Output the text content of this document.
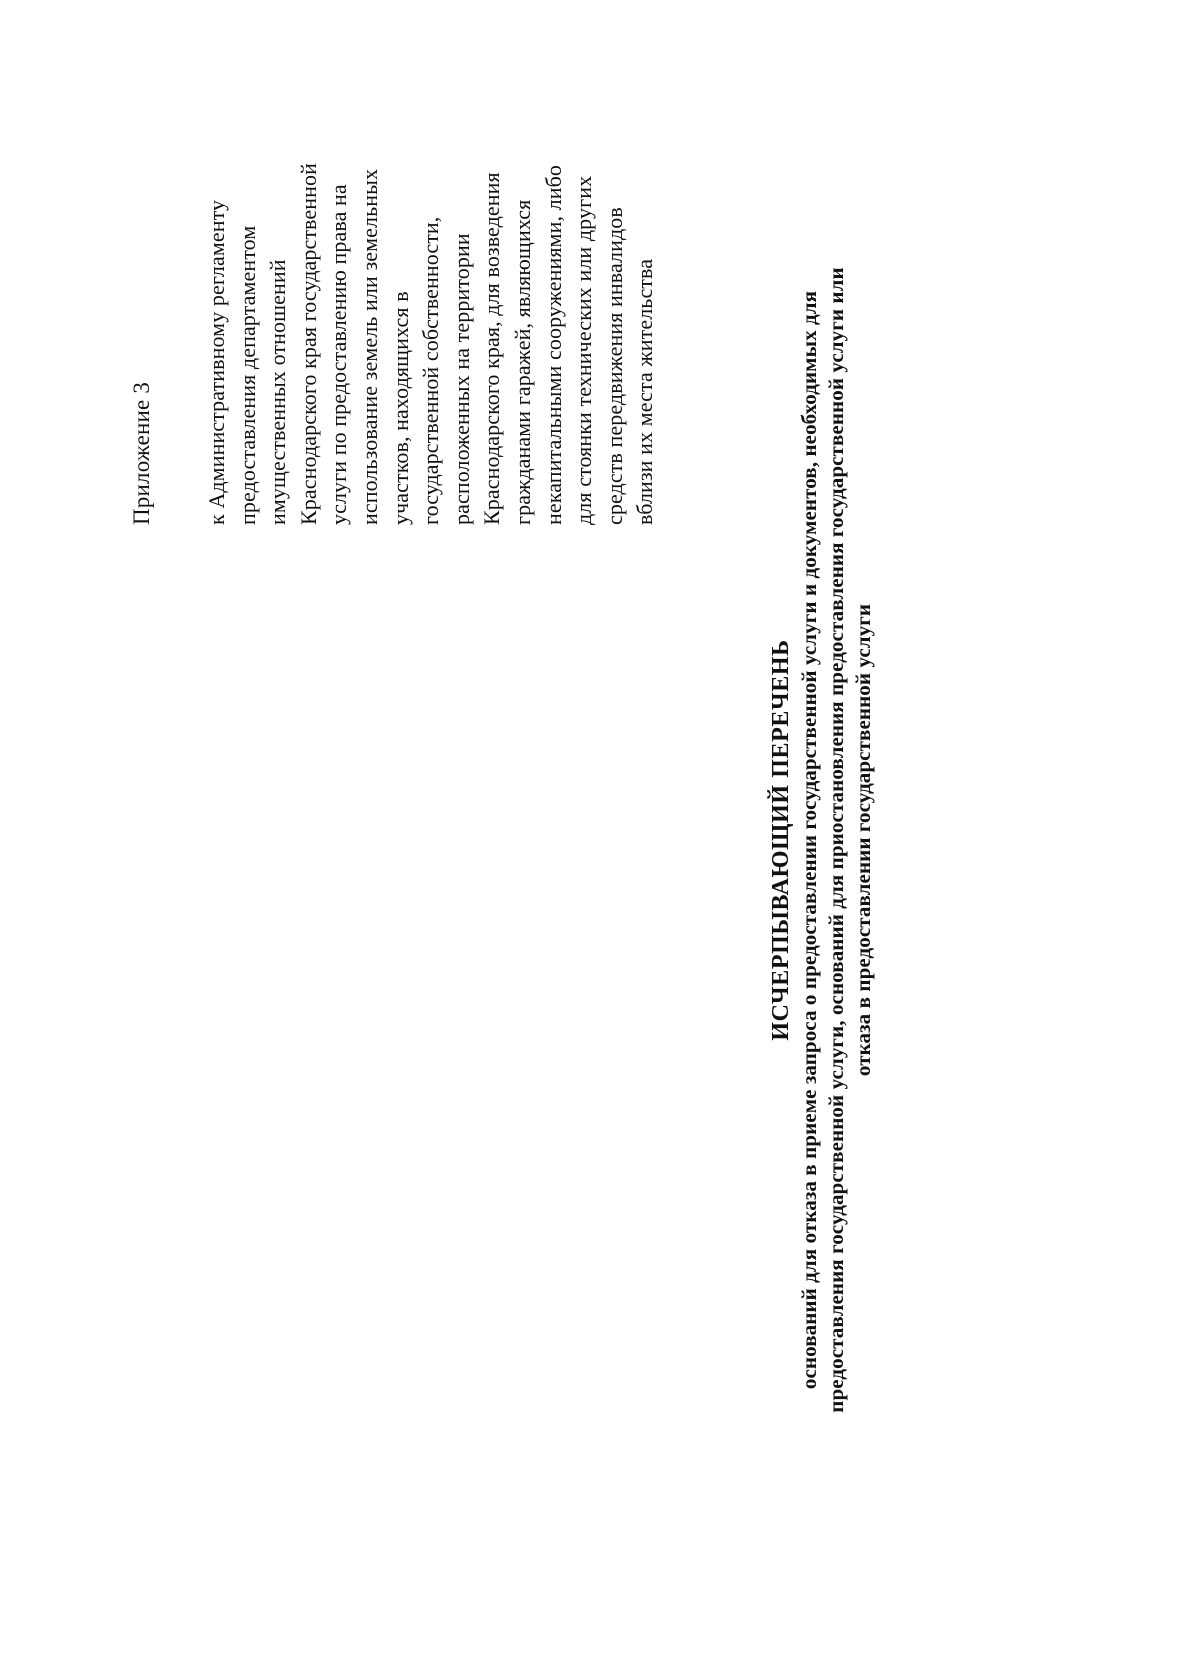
Приложение 3 к Административному регламенту предоставления департаментом имущественных отношений Краснодарского края государственной услуги по предоставлению права на использование земель или земельных участков, находящихся в государственной собственности, расположенных на территории Краснодарского края, для возведения гражданами гаражей, являющихся некапитальными сооружениями, либо для стоянки технических или других средств передвижения инвалидов вблизи их места жительства

ИСЧЕРПЫВАЮЩИЙ ПЕРЕЧЕНЬ оснований для отказа в приеме запроса о предоставлении государственной услуги и документов, необходимых для предоставления государственной услуги, оснований для приостановления предоставления государственной услуги или отказа в предоставлении государственной услуги
